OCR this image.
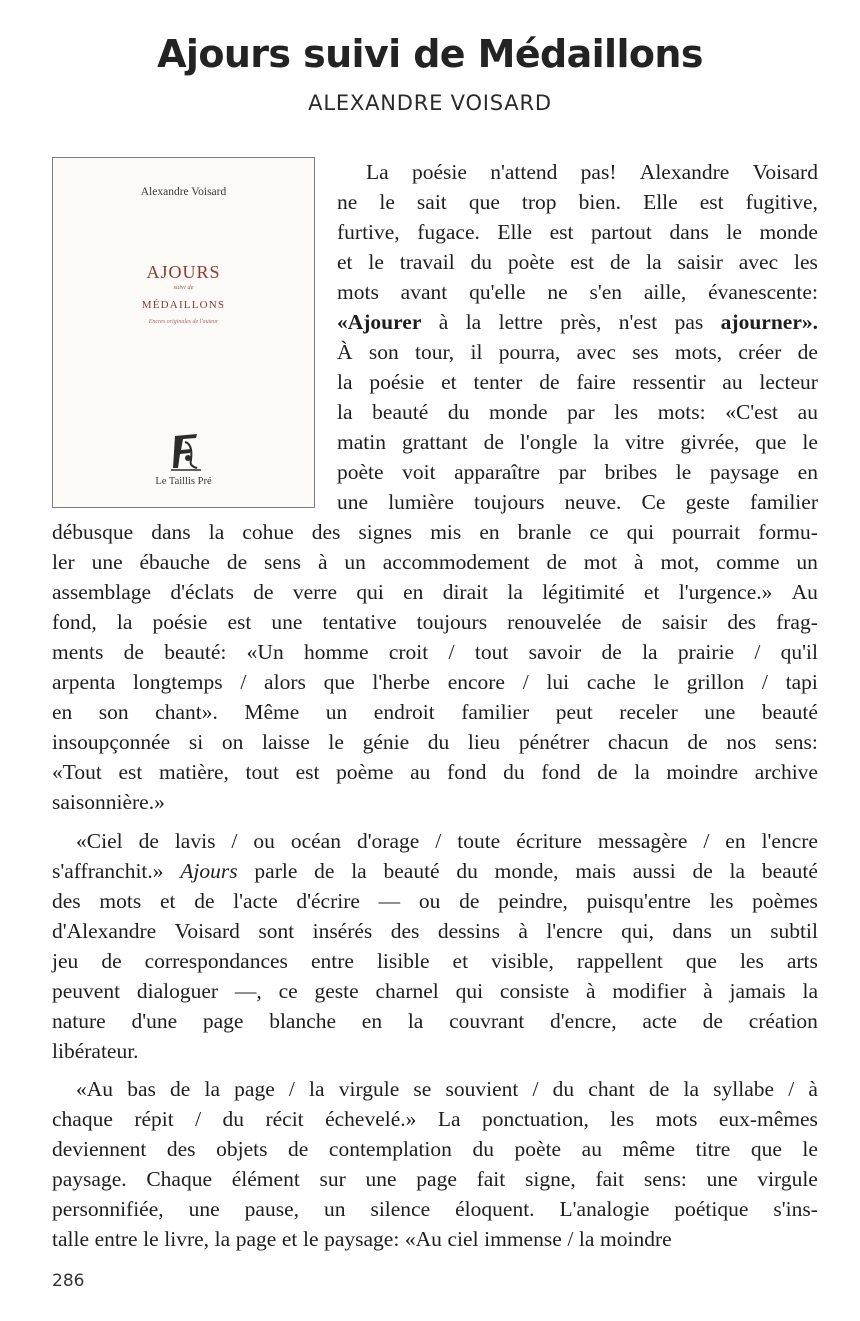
Ajours suivi de Médaillons
ALEXANDRE VOISARD
Alexandre Voisard
AJOURS
suivi de
MÉDAILLONS
Encres originales de l'auteur
Le Taillis Pré
La poésie n'attend pas! Alexandre Voisard
ne le sait que trop bien. Elle est fugitive,
furtive, fugace. Elle est partout dans le monde
et le travail du poète est de la saisir avec les
mots avant qu'elle ne s'en aille, évanescente:
«Ajourer à la lettre près, n'est pas ajourner».
À son tour, il pourra, avec ses mots, créer de
la poésie et tenter de faire ressentir au lecteur
la beauté du monde par les mots: «C'est au
matin grattant de l'ongle la vitre givrée, que le
poète voit apparaître par bribes le paysage en
une lumière toujours neuve. Ce geste familier
débusque dans la cohue des signes mis en branle ce qui pourrait formu-
ler une ébauche de sens à un accommodement de mot à mot, comme un
assemblage d'éclats de verre qui en dirait la légitimité et l'urgence.» Au
fond, la poésie est une tentative toujours renouvelée de saisir des frag-
ments de beauté: «Un homme croit / tout savoir de la prairie / qu'il
arpenta longtemps / alors que l'herbe encore / lui cache le grillon / tapi
en son chant». Même un endroit familier peut receler une beauté
insoupçonnée si on laisse le génie du lieu pénétrer chacun de nos sens:
«Tout est matière, tout est poème au fond du fond de la moindre archive
saisonnière.»
«Ciel de lavis / ou océan d'orage / toute écriture messagère / en l'encre
s'affranchit.» Ajours parle de la beauté du monde, mais aussi de la beauté
des mots et de l'acte d'écrire — ou de peindre, puisqu'entre les poèmes
d'Alexandre Voisard sont insérés des dessins à l'encre qui, dans un subtil
jeu de correspondances entre lisible et visible, rappellent que les arts
peuvent dialoguer —, ce geste charnel qui consiste à modifier à jamais la
nature d'une page blanche en la couvrant d'encre, acte de création
libérateur.
«Au bas de la page / la virgule se souvient / du chant de la syllabe / à
chaque répit / du récit échevelé.» La ponctuation, les mots eux-mêmes
deviennent des objets de contemplation du poète au même titre que le
paysage. Chaque élément sur une page fait signe, fait sens: une virgule
personnifiée, une pause, un silence éloquent. L'analogie poétique s'ins-
talle entre le livre, la page et le paysage: «Au ciel immense / la moindre
286
